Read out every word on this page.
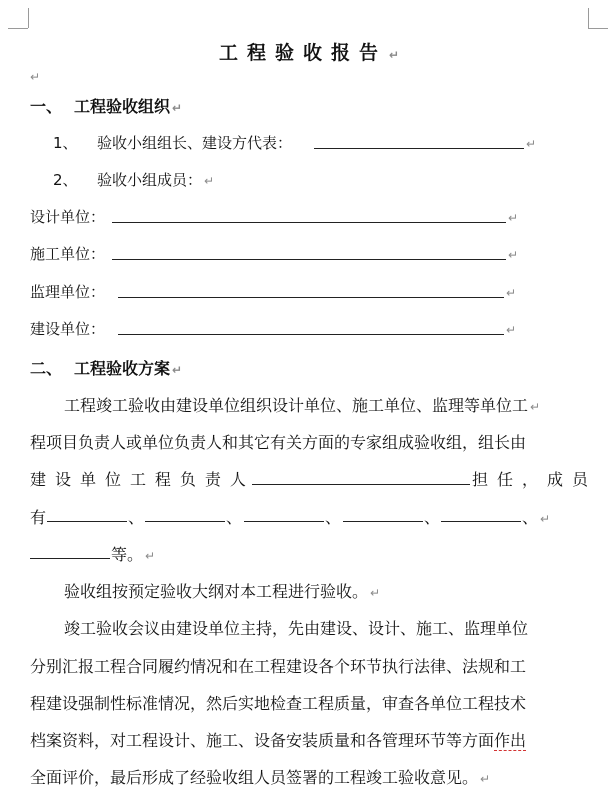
工程验收报告 ↵
↵
一、 工程验收组织 ↵
1、 验收小组组长、建设方代表：	↵
2、 验收小组成员： ↵
设计单位：	↵
施工单位：	↵
监理单位：	↵
建设单位：	↵
二、 工程验收方案 ↵
工程竣工验收由建设单位组织设计单位、施工单位、监理等单位工 ↵
程项目负责人或单位负责人和其它有关方面的专家组成验收组，组长由
建 设 单 位 工 程 负 责 人	担 任 ， 成 员
有	、	、	、	、	、 ↵
等。 ↵
验收组按预定验收大纲对本工程进行验收。 ↵
竣工验收会议由建设单位主持，先由建设、设计、施工、监理单位
分别汇报工程合同履约情况和在工程建设各个环节执行法律、法规和工
程建设强制性标准情况，然后实地检查工程质量，审查各单位工程技术
档案资料，对工程设计、施工、设备安装质量和各管理环节等方面作出
全面评价，最后形成了经验收组人员签署的工程竣工验收意见。 ↵
